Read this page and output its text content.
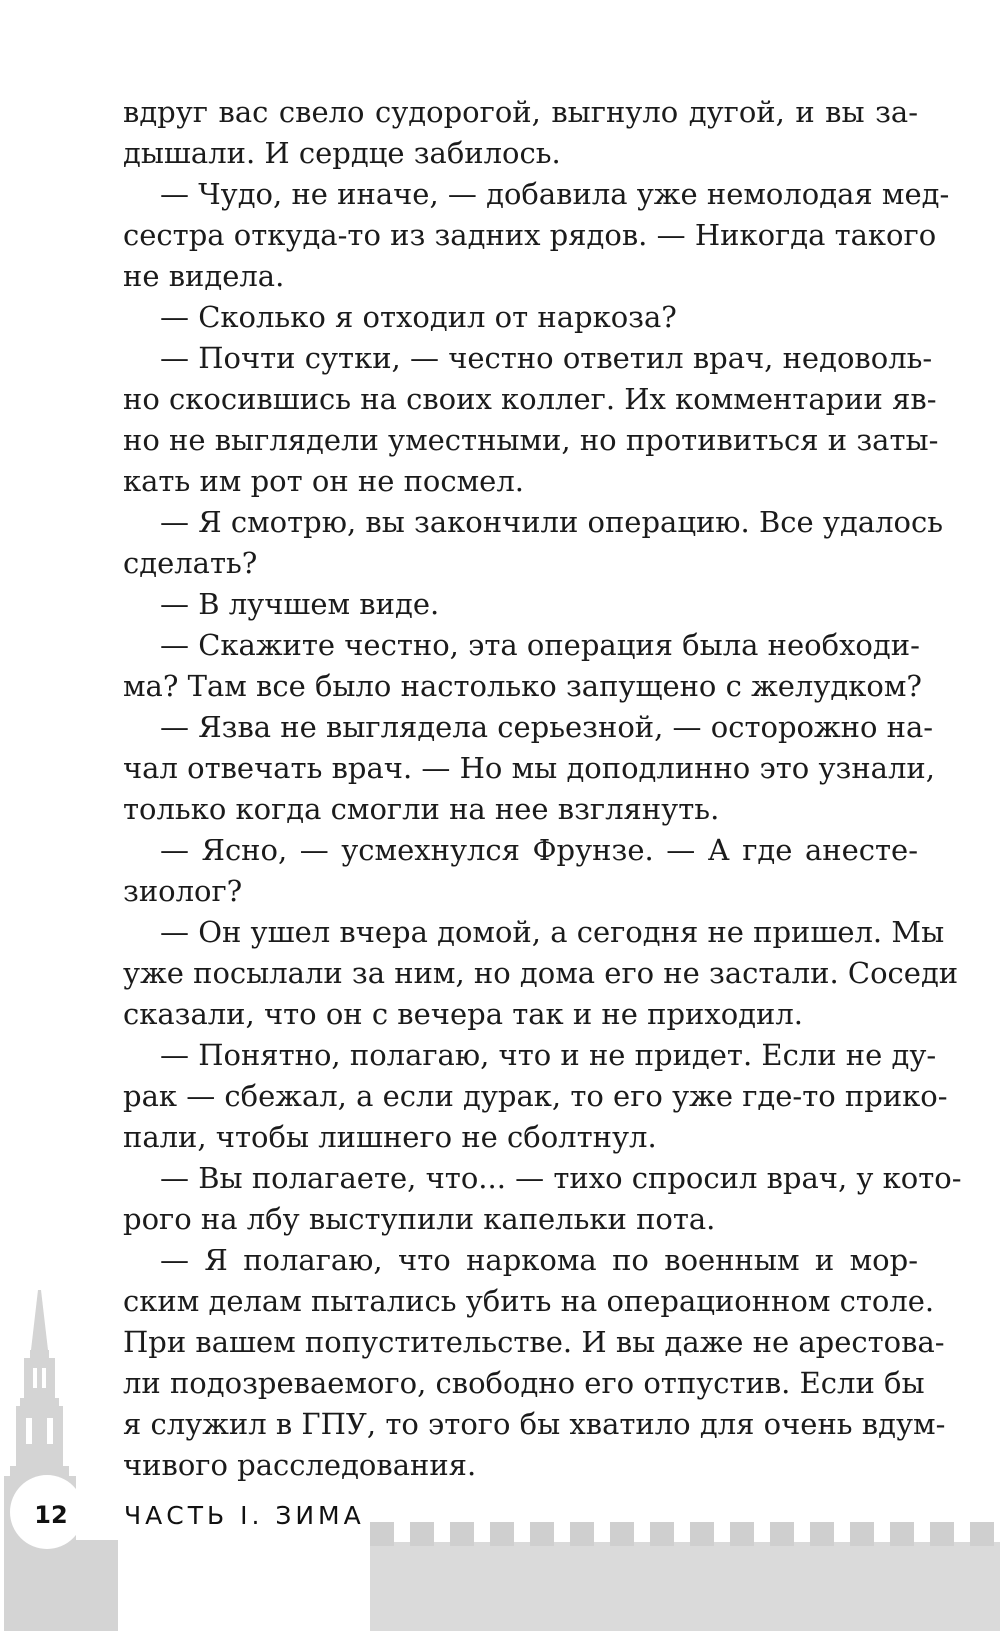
вдруг вас свело судорогой, выгнуло дугой, и вы за-
дышали. И сердце забилось.
— Чудо, не иначе, — добавила уже немолодая мед-
сестра откуда-то из задних рядов. — Никогда такого
не видела.
— Сколько я отходил от наркоза?
— Почти сутки, — честно ответил врач, недоволь-
но скосившись на своих коллег. Их комментарии яв-
но не выглядели уместными, но противиться и заты-
кать им рот он не посмел.
— Я смотрю, вы закончили операцию. Все удалось
сделать?
— В лучшем виде.
— Скажите честно, эта операция была необходи-
ма? Там все было настолько запущено с желудком?
— Язва не выглядела серьезной, — осторожно на-
чал отвечать врач. — Но мы доподлинно это узнали,
только когда смогли на нее взглянуть.
— Ясно, — усмехнулся Фрунзе. — А где анесте-
зиолог?
— Он ушел вчера домой, а сегодня не пришел. Мы
уже посылали за ним, но дома его не застали. Соседи
сказали, что он с вечера так и не приходил.
— Понятно, полагаю, что и не придет. Если не ду-
рак — сбежал, а если дурак, то его уже где-то прико-
пали, чтобы лишнего не сболтнул.
— Вы полагаете, что... — тихо спросил врач, у кото-
рого на лбу выступили капельки пота.
— Я полагаю, что наркома по военным и мор-
ским делам пытались убить на операционном столе.
При вашем попустительстве. И вы даже не арестова-
ли подозреваемого, свободно его отпустив. Если бы
я служил в ГПУ, то этого бы хватило для очень вдум-
чивого расследования.
12	ЧАСТЬ I. ЗИМА
